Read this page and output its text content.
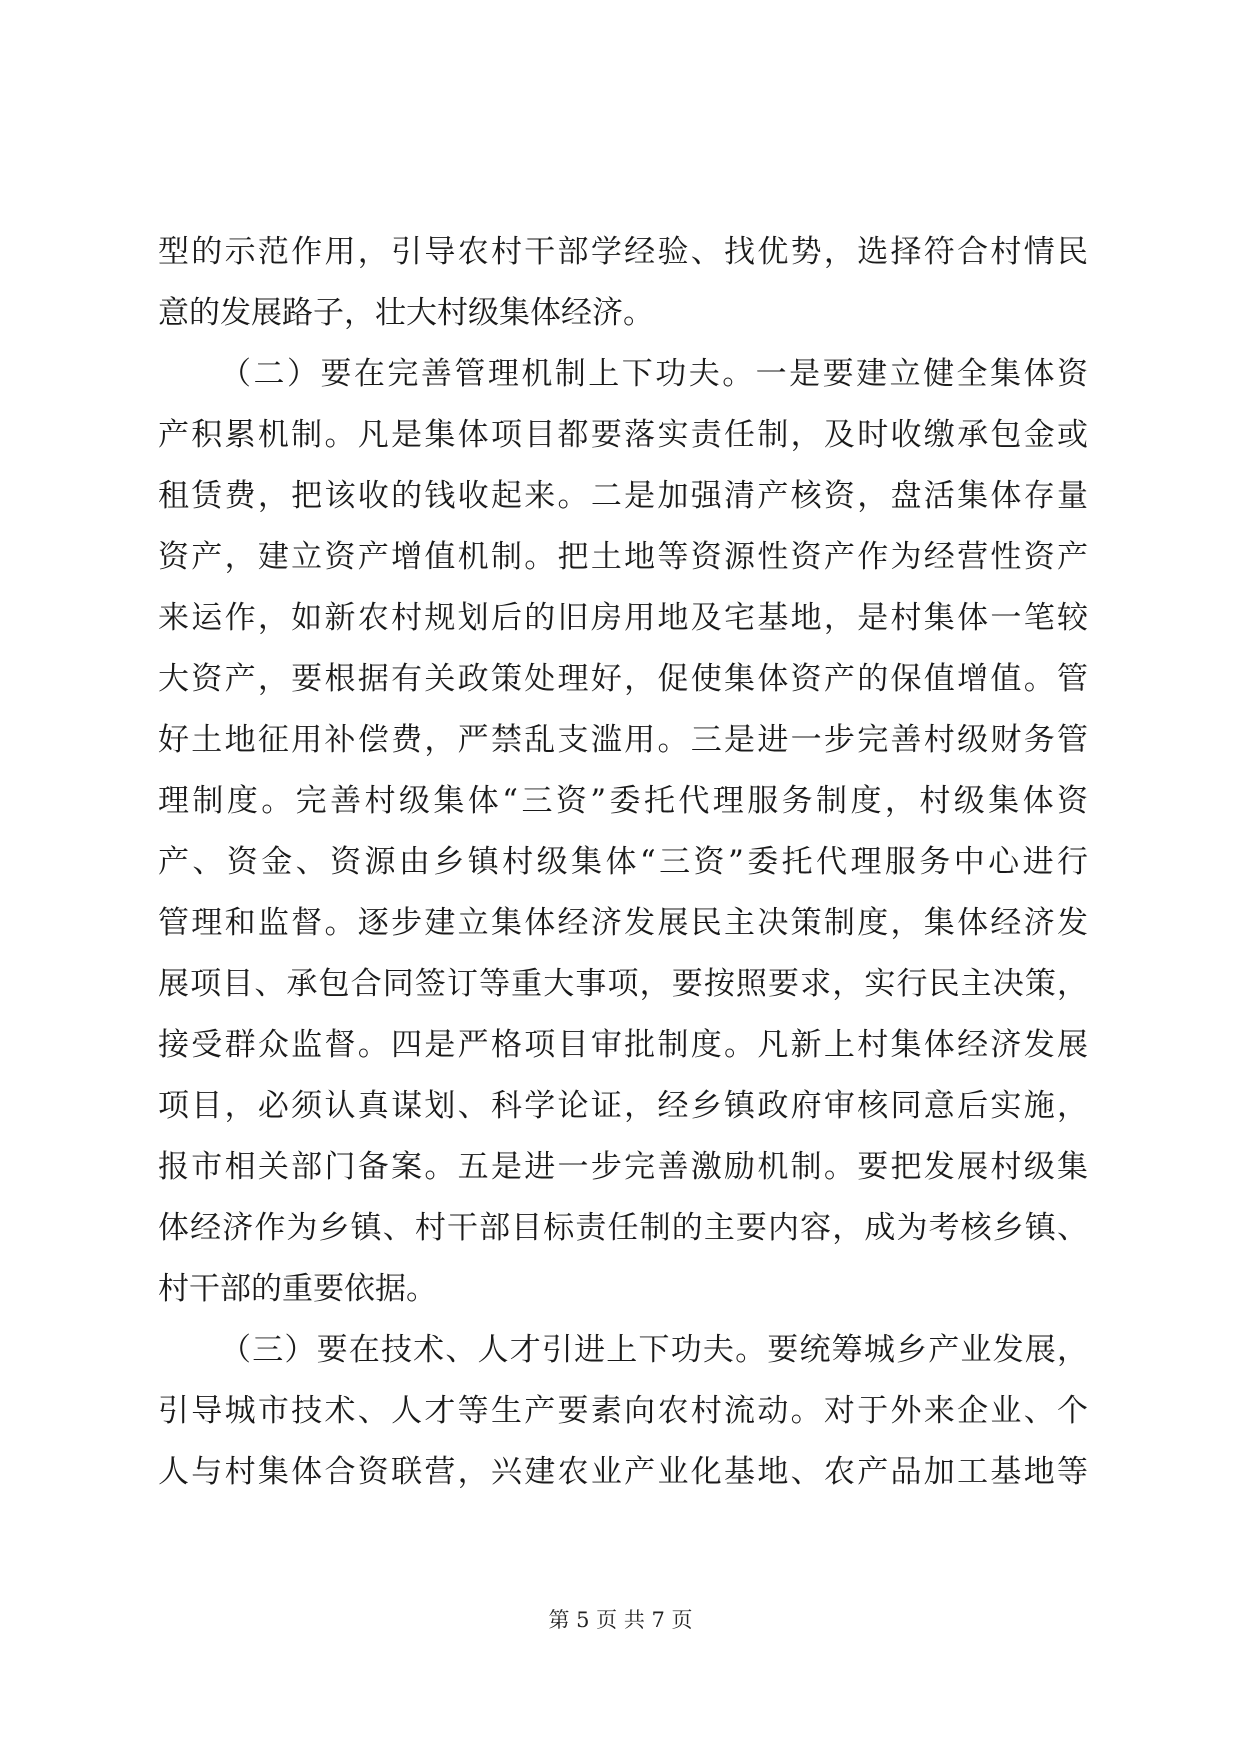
型的示范作用，引导农村干部学经验、找优势，选择符合村情民
意的发展路子，壮大村级集体经济。
（二）要在完善管理机制上下功夫。一是要建立健全集体资
产积累机制。凡是集体项目都要落实责任制，及时收缴承包金或
租赁费，把该收的钱收起来。二是加强清产核资，盘活集体存量
资产，建立资产增值机制。把土地等资源性资产作为经营性资产
来运作，如新农村规划后的旧房用地及宅基地，是村集体一笔较
大资产，要根据有关政策处理好，促使集体资产的保值增值。管
好土地征用补偿费，严禁乱支滥用。三是进一步完善村级财务管
理制度。完善村级集体“三资”委托代理服务制度，村级集体资
产、资金、资源由乡镇村级集体“三资”委托代理服务中心进行
管理和监督。逐步建立集体经济发展民主决策制度，集体经济发
展项目、承包合同签订等重大事项，要按照要求，实行民主决策，
接受群众监督。四是严格项目审批制度。凡新上村集体经济发展
项目，必须认真谋划、科学论证，经乡镇政府审核同意后实施，
报市相关部门备案。五是进一步完善激励机制。要把发展村级集
体经济作为乡镇、村干部目标责任制的主要内容，成为考核乡镇、
村干部的重要依据。
（三）要在技术、人才引进上下功夫。要统筹城乡产业发展，
引导城市技术、人才等生产要素向农村流动。对于外来企业、个
人与村集体合资联营，兴建农业产业化基地、农产品加工基地等
第 5 页 共 7 页
